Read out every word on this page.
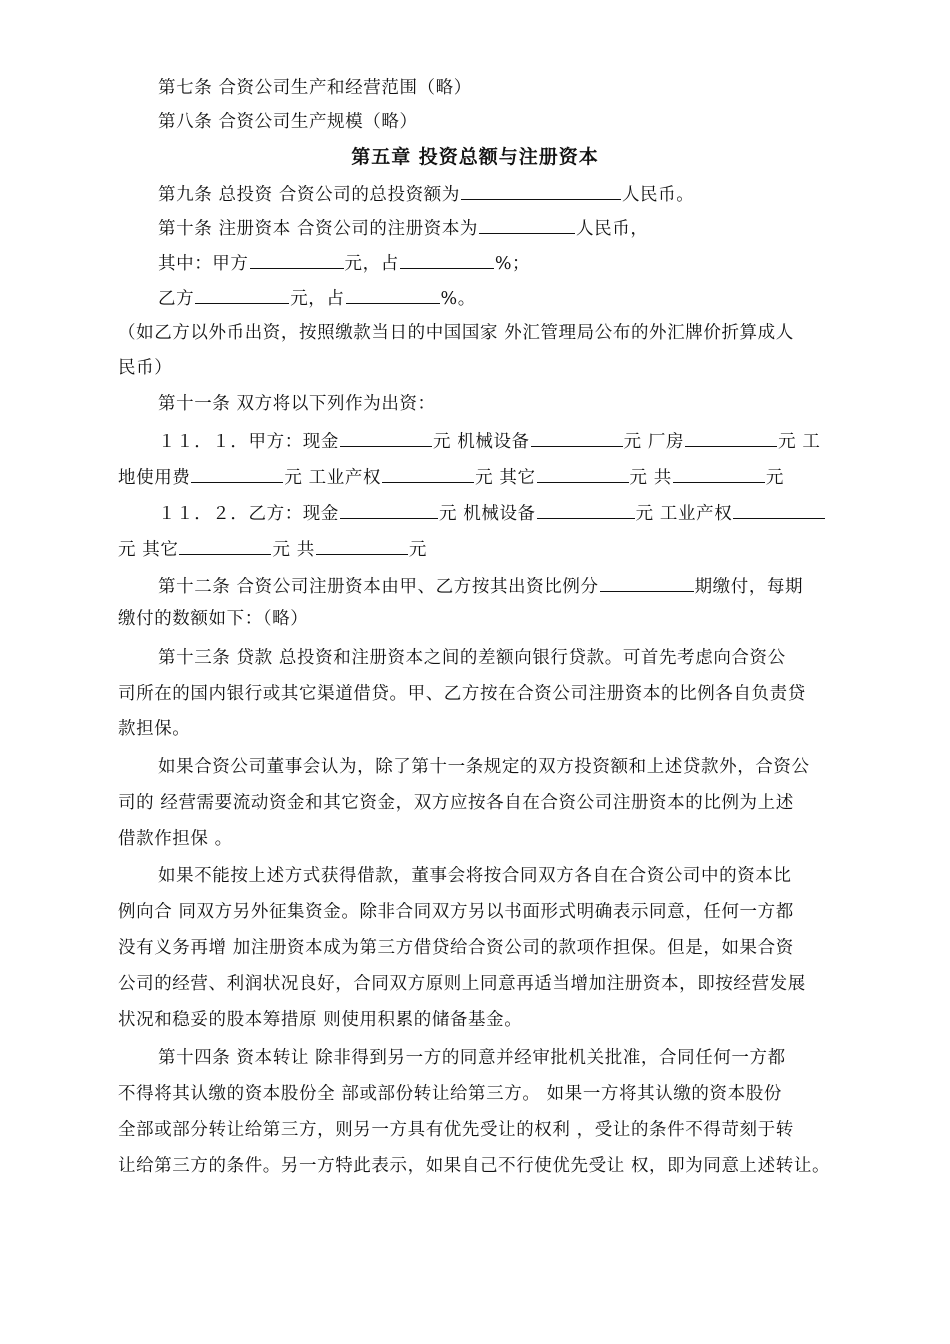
第七条 合资公司生产和经营范围（略）
第八条 合资公司生产规模（略）
第五章 投资总额与注册资本
第九条 总投资 合资公司的总投资额为	人民币。
第十条 注册资本 合资公司的注册资本为	人民币，
其中：甲方	元，占	%；
乙方	元，占	%。
（如乙方以外币出资，按照缴款当日的中国国家 外汇管理局公布的外汇牌价折算成人
民币）
第十一条 双方将以下列作为出资：
１１．１．甲方：现金	元 机械设备	元 厂房	元 工
地使用费	元 工业产权	元 其它	元 共	元
１１．２．乙方：现金	元 机械设备	元 工业产权
元 其它	元 共	元
第十二条 合资公司注册资本由甲、乙方按其出资比例分	期缴付，每期
缴付的数额如下：（略）
第十三条 贷款 总投资和注册资本之间的差额向银行贷款。可首先考虑向合资公
司所在的国内银行或其它渠道借贷。甲、乙方按在合资公司注册资本的比例各自负责贷
款担保。
如果合资公司董事会认为，除了第十一条规定的双方投资额和上述贷款外，合资公
司的 经营需要流动资金和其它资金，双方应按各自在合资公司注册资本的比例为上述
借款作担保 。
如果不能按上述方式获得借款，董事会将按合同双方各自在合资公司中的资本比
例向合 同双方另外征集资金。除非合同双方另以书面形式明确表示同意，任何一方都
没有义务再增 加注册资本成为第三方借贷给合资公司的款项作担保。但是，如果合资
公司的经营、利润状况良好，合同双方原则上同意再适当增加注册资本，即按经营发展
状况和稳妥的股本筹措原 则使用积累的储备基金。
第十四条 资本转让 除非得到另一方的同意并经审批机关批准，合同任何一方都
不得将其认缴的资本股份全 部或部份转让给第三方。 如果一方将其认缴的资本股份
全部或部分转让给第三方，则另一方具有优先受让的权利 ，受让的条件不得苛刻于转
让给第三方的条件。另一方特此表示，如果自己不行使优先受让 权，即为同意上述转让。
